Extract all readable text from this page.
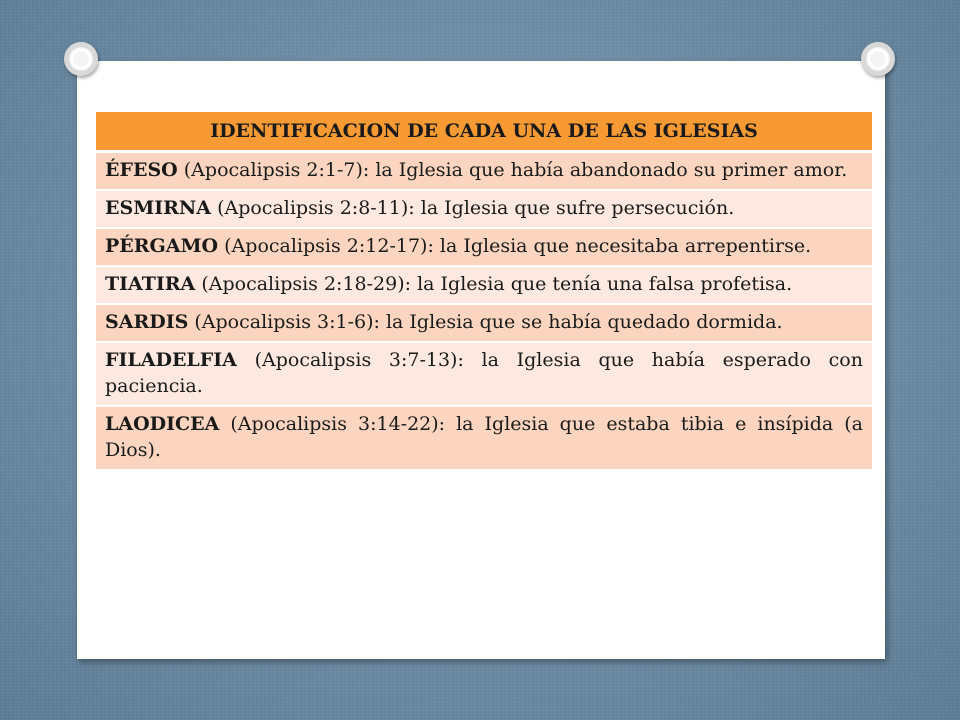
IDENTIFICACION DE CADA UNA DE LAS IGLESIAS
ÉFESO (Apocalipsis 2:1-7): la Iglesia que había abandonado su primer amor.
ESMIRNA (Apocalipsis 2:8-11): la Iglesia que sufre persecución.
PÉRGAMO (Apocalipsis 2:12-17): la Iglesia que necesitaba arrepentirse.
TIATIRA (Apocalipsis 2:18-29): la Iglesia que tenía una falsa profetisa.
SARDIS (Apocalipsis 3:1-6): la Iglesia que se había quedado dormida.
FILADELFIA (Apocalipsis 3:7-13): la Iglesia que había esperado con paciencia.
LAODICEA (Apocalipsis 3:14-22): la Iglesia que estaba tibia e insípida (a Dios).
